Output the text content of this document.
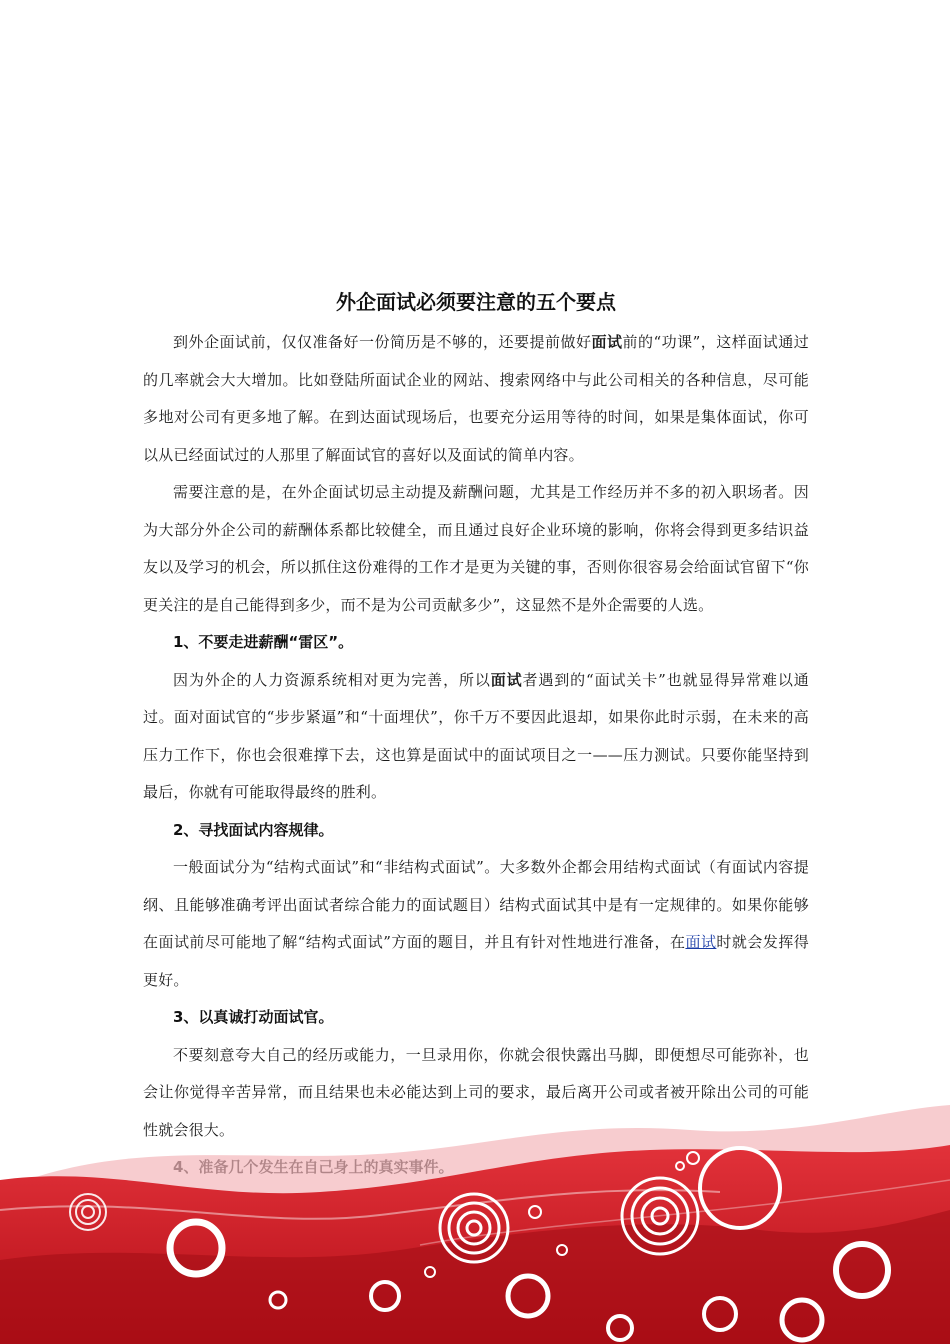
外企面试必须要注意的五个要点

到外企面试前，仅仅准备好一份简历是不够的，还要提前做好面试前的“功课”，这样面试通过的几率就会大大增加。比如登陆所面试企业的网站、搜索网络中与此公司相关的各种信息，尽可能多地对公司有更多地了解。在到达面试现场后，也要充分运用等待的时间，如果是集体面试，你可以从已经面试过的人那里了解面试官的喜好以及面试的简单内容。

需要注意的是，在外企面试切忌主动提及薪酬问题，尤其是工作经历并不多的初入职场者。因为大部分外企公司的薪酬体系都比较健全，而且通过良好企业环境的影响，你将会得到更多结识益友以及学习的机会，所以抓住这份难得的工作才是更为关键的事，否则你很容易会给面试官留下“你更关注的是自己能得到多少，而不是为公司贡献多少”，这显然不是外企需要的人选。

1、不要走进薪酬“雷区”。

因为外企的人力资源系统相对更为完善，所以面试者遇到的“面试关卡”也就显得异常难以通过。面对面试官的“步步紧逼”和“十面埋伏”，你千万不要因此退却，如果你此时示弱，在未来的高压力工作下，你也会很难撑下去，这也算是面试中的面试项目之一——压力测试。只要你能坚持到最后，你就有可能取得最终的胜利。

2、寻找面试内容规律。

一般面试分为“结构式面试”和“非结构式面试”。大多数外企都会用结构式面试（有面试内容提纲、且能够准确考评出面试者综合能力的面试题目）结构式面试其中是有一定规律的。如果你能够在面试前尽可能地了解“结构式面试”方面的题目，并且有针对性地进行准备，在面试时就会发挥得更好。

3、以真诚打动面试官。

不要刻意夸大自己的经历或能力，一旦录用你，你就会很快露出马脚，即便想尽可能弥补，也会让你觉得辛苦异常，而且结果也未必能达到上司的要求，最后离开公司或者被开除出公司的可能性就会很大。
